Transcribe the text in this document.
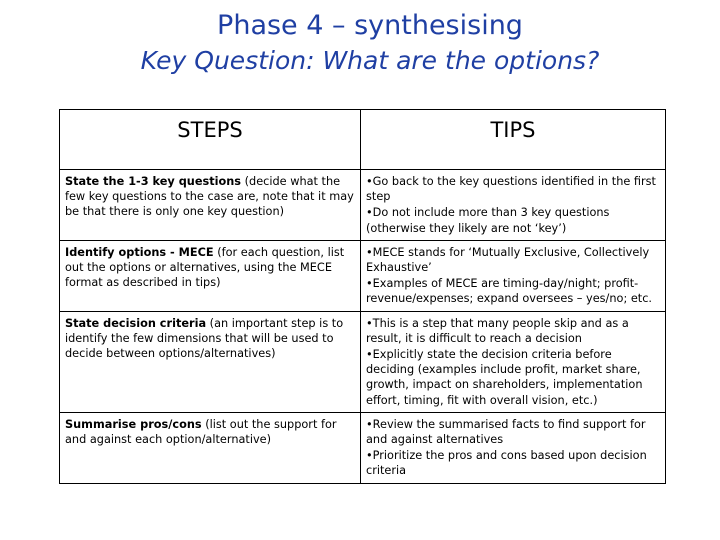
Phase 4 – synthesising
Key Question: What are the options?
STEPS	TIPS
State the 1-3 key questions (decide what the few key questions to the case are, note that it may be that there is only one key question)	•Go back to the key questions identified in the first step
•Do not include more than 3 key questions (otherwise they likely are not ‘key’)

Identify options - MECE (for each question, list out the options or alternatives, using the MECE format as described in tips)	•MECE stands for ‘Mutually Exclusive, Collectively Exhaustive’
•Examples of MECE are timing-day/night; profit-revenue/expenses; expand oversees – yes/no; etc.

State decision criteria (an important step is to identify the few dimensions that will be used to decide between options/alternatives)	•This is a step that many people skip and as a result, it is difficult to reach a decision
•Explicitly state the decision criteria before deciding (examples include profit, market share, growth, impact on shareholders, implementation effort, timing, fit with overall vision, etc.)

Summarise pros/cons (list out the support for and against each option/alternative)	•Review the summarised facts to find support for and against alternatives
•Prioritize the pros and cons based upon decision criteria
